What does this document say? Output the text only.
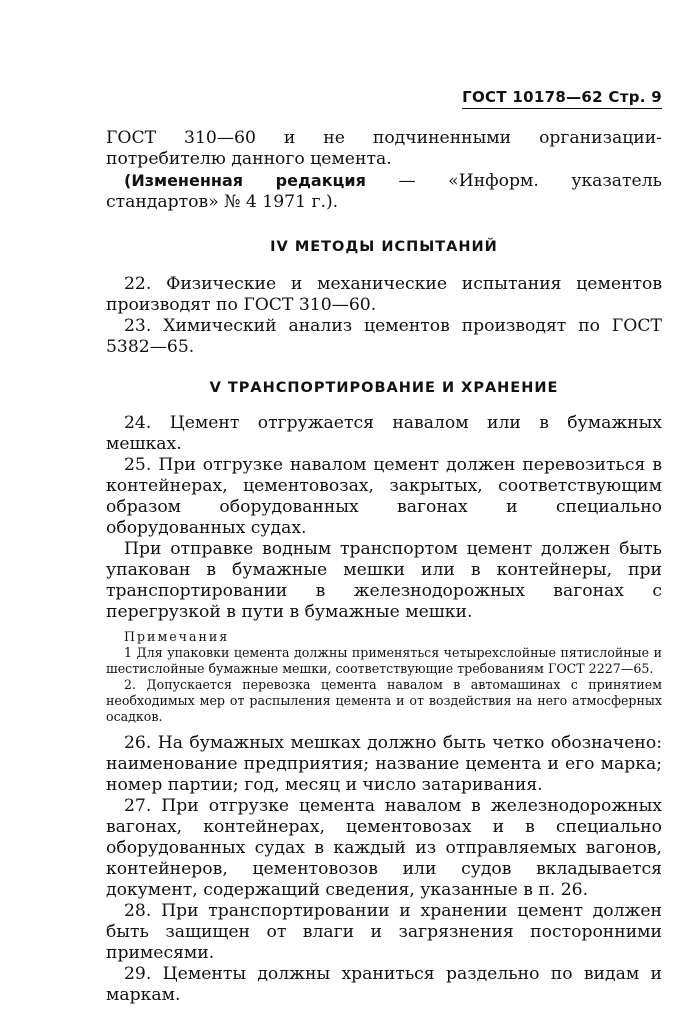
ГОСТ 10178—62 Стр. 9

ГОСТ 310—60 и не подчиненными организации-потребителю данного цемента.

(Измененная редакция — «Информ. указатель стандартов» № 4 1971 г.).

IV МЕТОДЫ ИСПЫТАНИЙ

22. Физические и механические испытания цементов производят по ГОСТ 310—60.

23. Химический анализ цементов производят по ГОСТ 5382—65.

V ТРАНСПОРТИРОВАНИЕ И ХРАНЕНИЕ

24. Цемент отгружается навалом или в бумажных мешках.

25. При отгрузке навалом цемент должен перевозиться в контейнерах, цементовозах, закрытых, соответствующим образом оборудованных вагонах и специально оборудованных судах.

При отправке водным транспортом цемент должен быть упакован в бумажные мешки или в контейнеры, при транспортировании в железнодорожных вагонах с перегрузкой в пути в бумажные мешки.

Примечания

1 Для упаковки цемента должны применяться четырехслойные пятислойные и шестислойные бумажные мешки, соответствующие требованиям ГОСТ 2227—65.

2. Допускается перевозка цемента навалом в автомашинах с принятием необходимых мер от распыления цемента и от воздействия на него атмосферных осадков.

26. На бумажных мешках должно быть четко обозначено: наименование предприятия; название цемента и его марка; номер партии; год, месяц и число затаривания.

27. При отгрузке цемента навалом в железнодорожных вагонах, контейнерах, цементовозах и в специально оборудованных судах в каждый из отправляемых вагонов, контейнеров, цементовозов или судов вкладывается документ, содержащий сведения, указанные в п. 26.

28. При транспортировании и хранении цемент должен быть защищен от влаги и загрязнения посторонними примесями.

29. Цементы должны храниться раздельно по видам и маркам.
